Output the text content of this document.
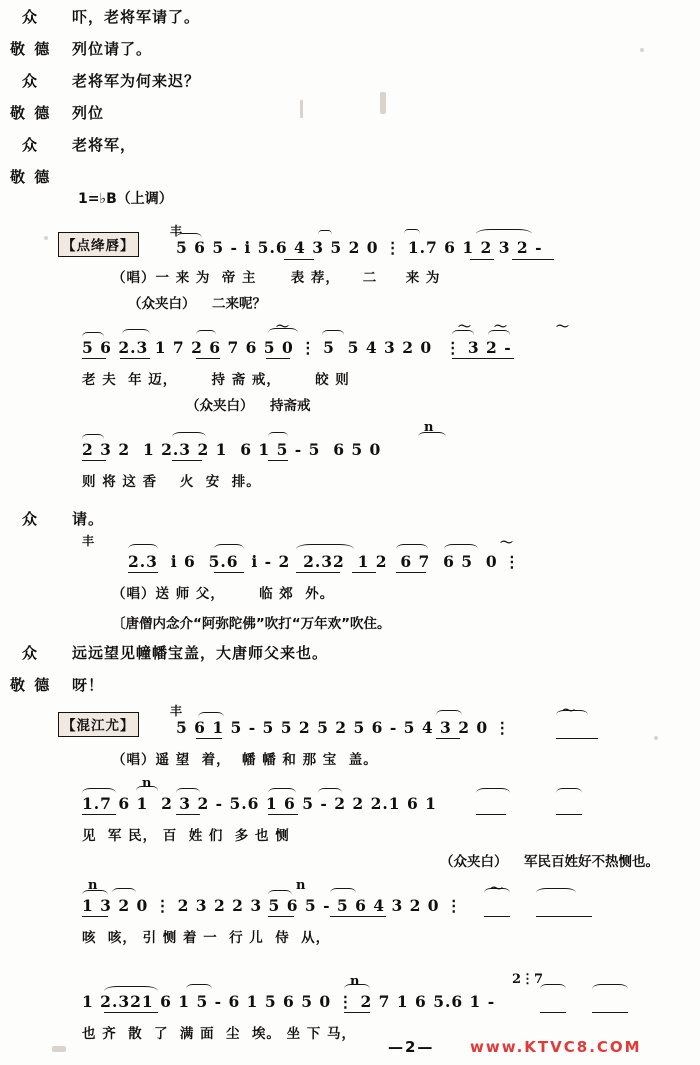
众 吓，老将军请了。
敬 德 列位请了。
众 老将军为何来迟？
敬 德 列位
众 老将军，
敬 德
1=♭B（上调）
【点绛唇】
丰
5 6 5 - i 5.6 4 3 5 2 0 ⋮ 1.7 6 1 2 3 2 -
（唱）一 来 为  帝 主      表 荐，    二     来 为
（众夹白） 二来呢？
〜	〜 〜	〜
5 6 2.3 1 7 2 6 7 6 5 0 ⋮ 5  5 4 3 2 0  ⋮ 3 2 -
老 夫  年 迈，      持 斋 戒，      皎 则
（众夹白） 持斋戒
n
2 3 2  1 2.3 2 1  6 1 5 - 5  6 5 0
则 将 这 香    火  安  排。
众 请。
丰	〜
2.3  i 6  5.6  i - 2  2.32  1 2  6 7  6 5  0 ⋮
（唱）送 师 父，      临 郊  外。
〔唐僧内念介“阿弥陀佛”吹打“万年欢”吹住。
众 远远望见幢幡宝盖，大唐师父来也。
敬 德 呀！
【混江尤】
丰	〜
5 6 1 5 - 5 5 2 5 2 5 6 - 5 4 3 2 0 ⋮
（唱）遥 望  着，  幡 幡 和 那 宝  盖。
n
1.7 6 1  2 3 2 - 5.6 1 6 5 - 2 2 2.1 6 1
见  军 民， 百  姓 们  多 也 恻
（众夹白） 军民百姓好不热恻也。
n	n	〜
1 3 2 0 ⋮ 2 3 2 2 3 5 6 5 - 5 6 4 3 2 0 ⋮
咳  咳， 引 恻 着 一  行 儿  侍  从，
n	2⋮7
1 2.321 6 1 5 - 6 1 5 6 5 0 ⋮ 2 7 1 6 5.6 1 -
也 齐  散  了  满 面  尘  埃。 坐 下 马，
—2— www.KTVC8.COM
